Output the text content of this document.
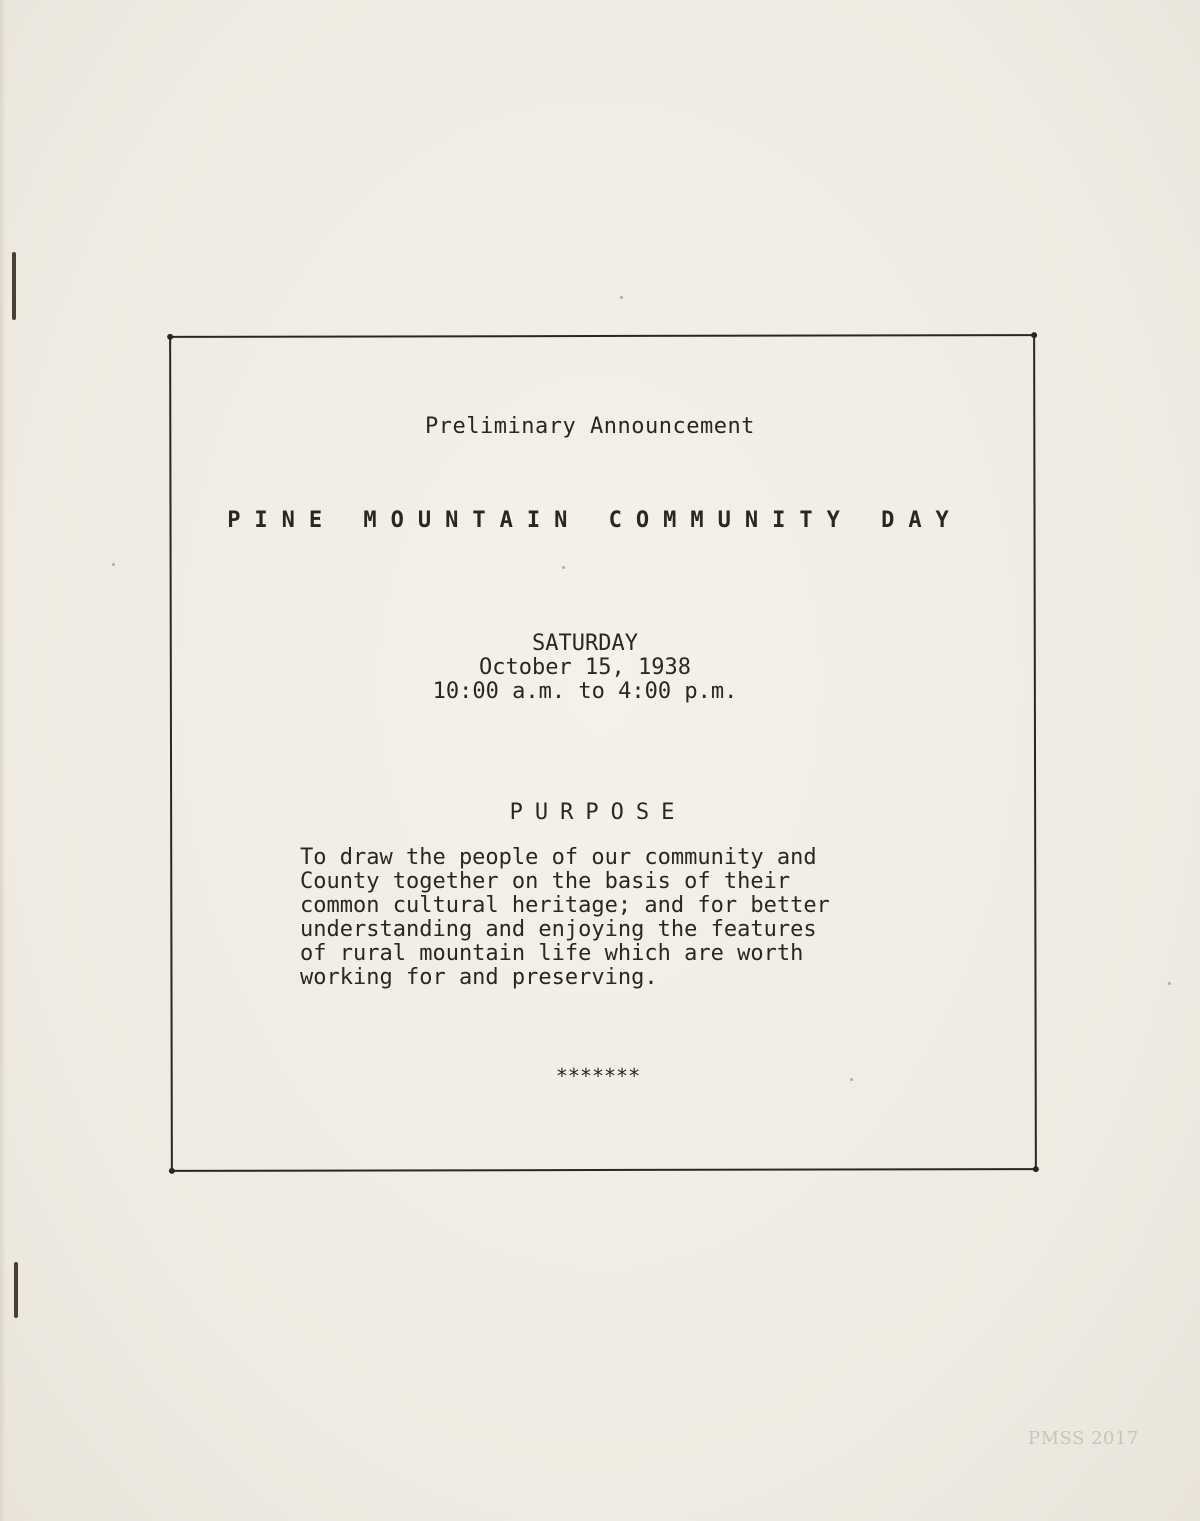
Preliminary Announcement
PINE MOUNTAIN COMMUNITY DAY
SATURDAY
October 15, 1938
10:00 a.m. to 4:00 p.m.
PURPOSE
To draw the people of our community and
County together on the basis of their
common cultural heritage; and for better
understanding and enjoying the features
of rural mountain life which are worth
working for and preserving.
*******
PMSS 2017
